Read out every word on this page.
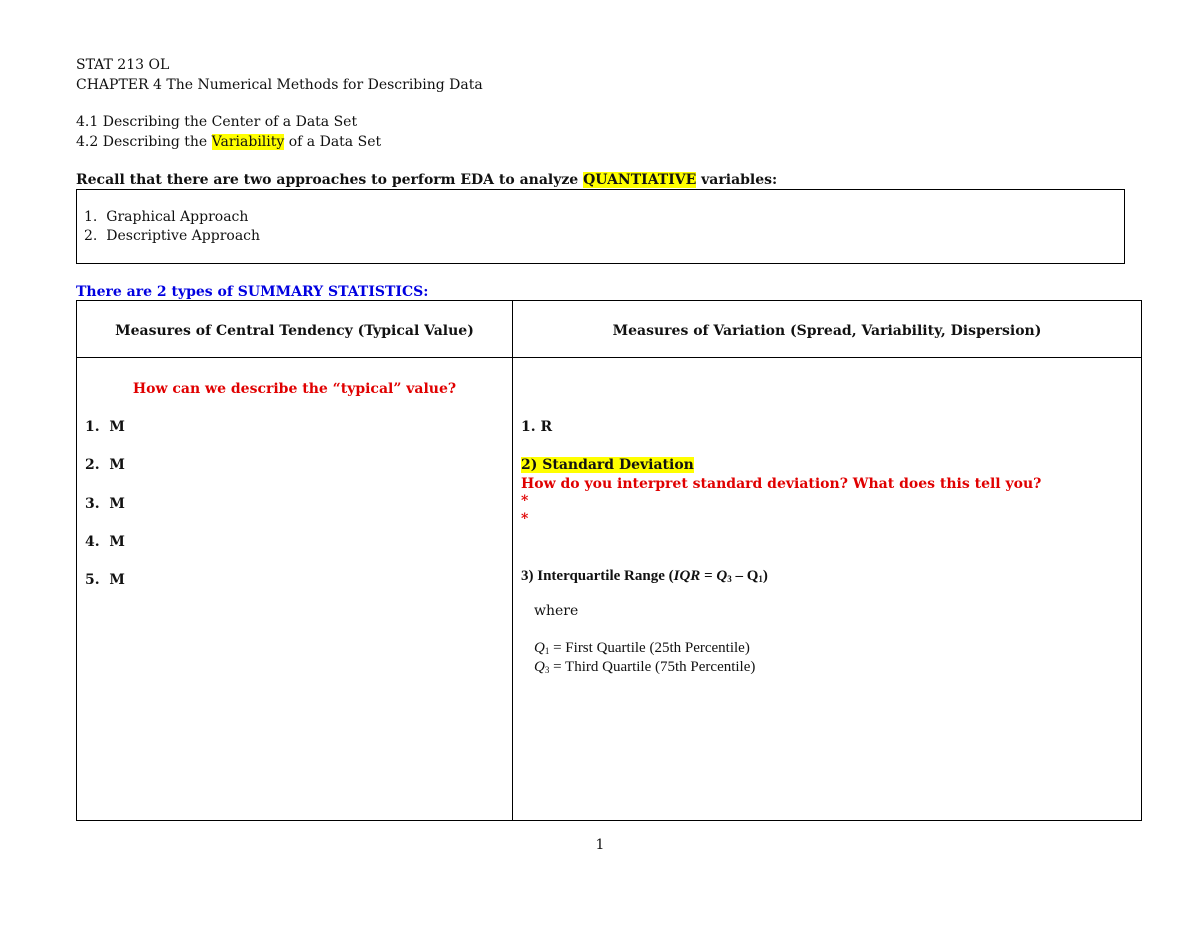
STAT 213 OL
CHAPTER 4 The Numerical Methods for Describing Data
4.1 Describing the Center of a Data Set
4.2 Describing the Variability of a Data Set
Recall that there are two approaches to perform EDA to analyze QUANTIATIVE variables:
1. Graphical Approach
2. Descriptive Approach
There are 2 types of SUMMARY STATISTICS:
Measures of Central Tendency (Typical Value)	Measures of Variation (Spread, Variability, Dispersion)
How can we describe the “typical” value?
1.  M
2.  M
3.  M
4.  M
5.  M
1. R
2) Standard Deviation
How do you interpret standard deviation? What does this tell you?
*
*
3) Interquartile Range $(IQR = Q_3 - Q_1)$
where
$Q_1$ = First Quartile (25th Percentile)
$Q_3$ = Third Quartile (75th Percentile)
1
